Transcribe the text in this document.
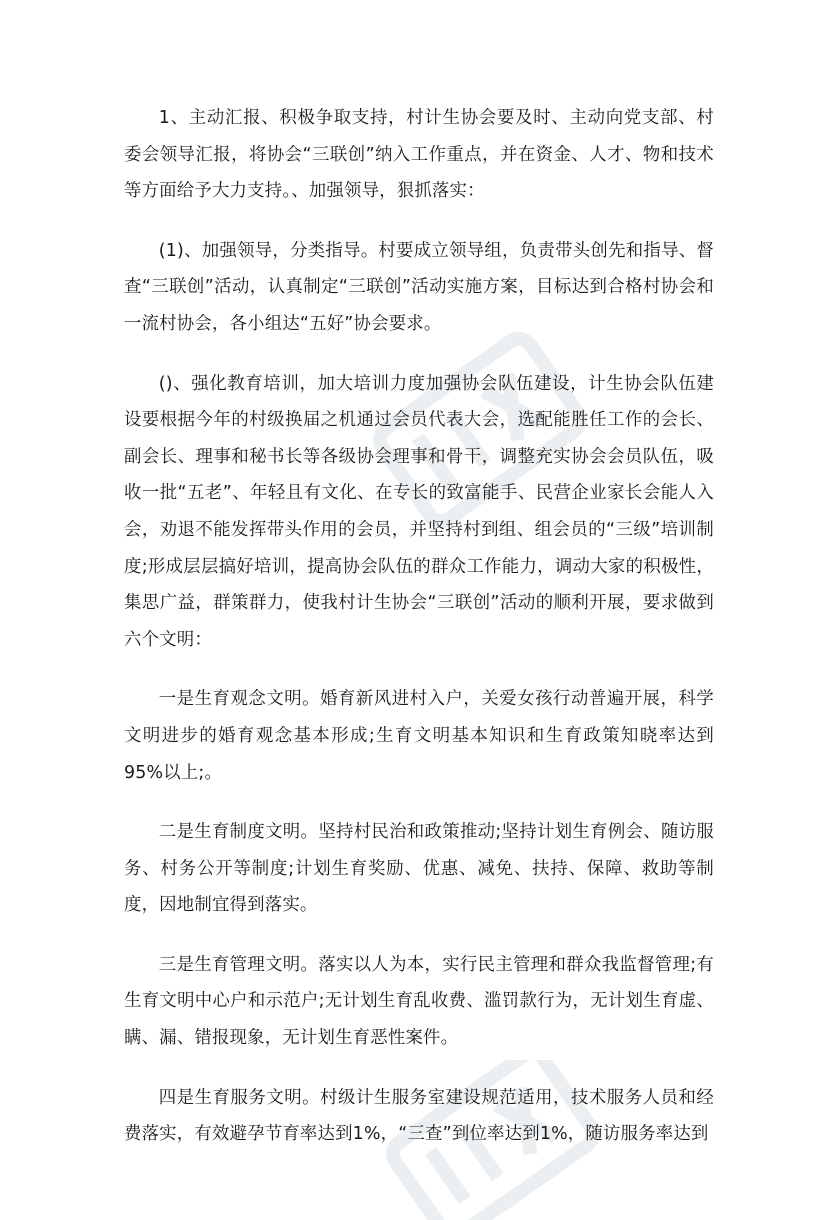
1、主动汇报、积极争取支持，村计生协会要及时、主动向党支部、村委会领导汇报，将协会“三联创”纳入工作重点，并在资金、人才、物和技术等方面给予大力支持。、加强领导，狠抓落实：

(1)、加强领导，分类指导。村要成立领导组，负责带头创先和指导、督查“三联创”活动，认真制定“三联创”活动实施方案，目标达到合格村协会和一流村协会，各小组达“五好”协会要求。

()、强化教育培训，加大培训力度加强协会队伍建设，计生协会队伍建设要根据今年的村级换届之机通过会员代表大会，选配能胜任工作的会长、副会长、理事和秘书长等各级协会理事和骨干，调整充实协会会员队伍，吸收一批“五老”、年轻且有文化、在专长的致富能手、民营企业家长会能人入会，劝退不能发挥带头作用的会员，并坚持村到组、组会员的“三级”培训制度;形成层层搞好培训，提高协会队伍的群众工作能力，调动大家的积极性，集思广益，群策群力，使我村计生协会“三联创”活动的顺利开展，要求做到六个文明：

一是生育观念文明。婚育新风进村入户，关爱女孩行动普遍开展，科学文明进步的婚育观念基本形成;生育文明基本知识和生育政策知晓率达到95%以上;。

二是生育制度文明。坚持村民治和政策推动;坚持计划生育例会、随访服务、村务公开等制度;计划生育奖励、优惠、减免、扶持、保障、救助等制度，因地制宜得到落实。

三是生育管理文明。落实以人为本，实行民主管理和群众我监督管理;有生育文明中心户和示范户;无计划生育乱收费、滥罚款行为，无计划生育虚、瞒、漏、错报现象，无计划生育恶性案件。

四是生育服务文明。村级计生服务室建设规范适用，技术服务人员和经费落实，有效避孕节育率达到1%，“三查”到位率达到1%，随访服务率达到
